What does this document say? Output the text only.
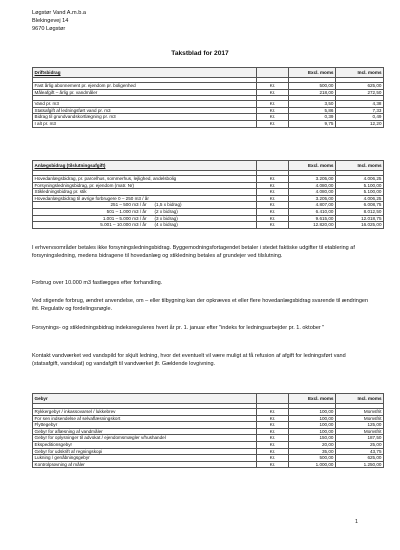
Løgstør Vand A.m.b.a
Blekingevej 14
9670 Løgstør
Takstblad for 2017
Driftsbidrag		Excl. moms	Incl. moms

Fast årlig abonnement pr. ejendom pr. boligenhed	Kr.	500,00	625,00
Måleafgift – årlig pr. vandmåler	Kr.	218,00	272,50

Vand pr. m3	Kr.	3,50	4,38
Statsafgift af ledningsført vand pr. m3	Kr.	5,86	7,33
Bidrag til grundvandskortlægning pr. m3	Kr.	0,39	0,49
I alt pr. m3	Kr.	9,75	12,20
Anlægsbidrag (tilslutningsafgift)		Excl. moms	Incl. moms

Hovedanlægsbidrag, pr. parcelhus, sommerhus, lejlighed, andelsbolig	Kr.	3.205,00	4.006,25
Forsyningsledningsbidrag, pr. ejendom (matr. Nr)	Kr.	4.080,00	5.100,00
Stikledningsbidrag pr. stik	Kr.	4.080,00	5.100,00
Hovedanlægsbidrag til øvrige forbrugere 0 – 250 m3 / år	Kr.	3.205,00	4.006,25
251 – 500 m3 / år (1,5 x bidrag)	Kr.	4.807,00	6.008,75
501 – 1.000 m3 / år (2 x bidrag)	Kr.	6.410,00	8.012,50
1.001 – 5.000 m3 / år (3 x bidrag)	Kr.	9.615,00	12.018,75
5.001 – 10.000 m3 / år (4 x bidrag)	Kr.	12.820,00	16.025,00
I erhvervsområder betales ikke forsyningsledningsbidrag. Byggemodningsfortagendet betaler i stedet faktiske udgifter til etablering af forsyningsledning, medens bidragene til hovedanlæg og stikledning betales af grundejer ved tilslutning.
Forbrug over 10.000 m3 fastlægges efter forhandling.
Ved stigende forbrug, ændret anvendelse, om – eller tilbygning kan der opkræves et eller flere hovedanlægsbidrag svarende til ændringen iht. Regulativ og fordelingsnøgle.
Forsynings- og stikledningsbidrag indeksreguleres hvert år pr. 1. januar efter "indeks for ledningsarbejder pr. 1. oktober "
Kontakt vandværket ved vandspild for skjult ledning, hvor det eventuelt vil være muligt at få refusion af afgift for ledningsført vand (statsafgift, vandskat) og vandafgift til vandværket jfr. Gældende lovgivning.
Gebyr		Excl. moms	Incl. moms

Rykkergebyr / inkassovarsel / lukkebrev	Kr.	100,00	Momsfrit
For sen indsendelse af selvaflæsningskort	Kr.	100,00	Momsfrit
Flyttegebyr	Kr.	100,00	125,00
Gebyr for aflæsning af vandmåler	Kr.	100,00	Momsfrit
Gebyr for oplysninger til advokat / ejendomsmægler v/hushandel	Kr.	150,00	187,50
Ekspeditionsgebyr	Kr.	20,00	25,00
Gebyr for udskrift af regningskopi	Kr.	35,00	43,75
Lukning / genåbningsgebyr	Kr.	500,00	625,00
Kontrolprøvning af måler	Kr.	1.000,00	1.250,00
1
